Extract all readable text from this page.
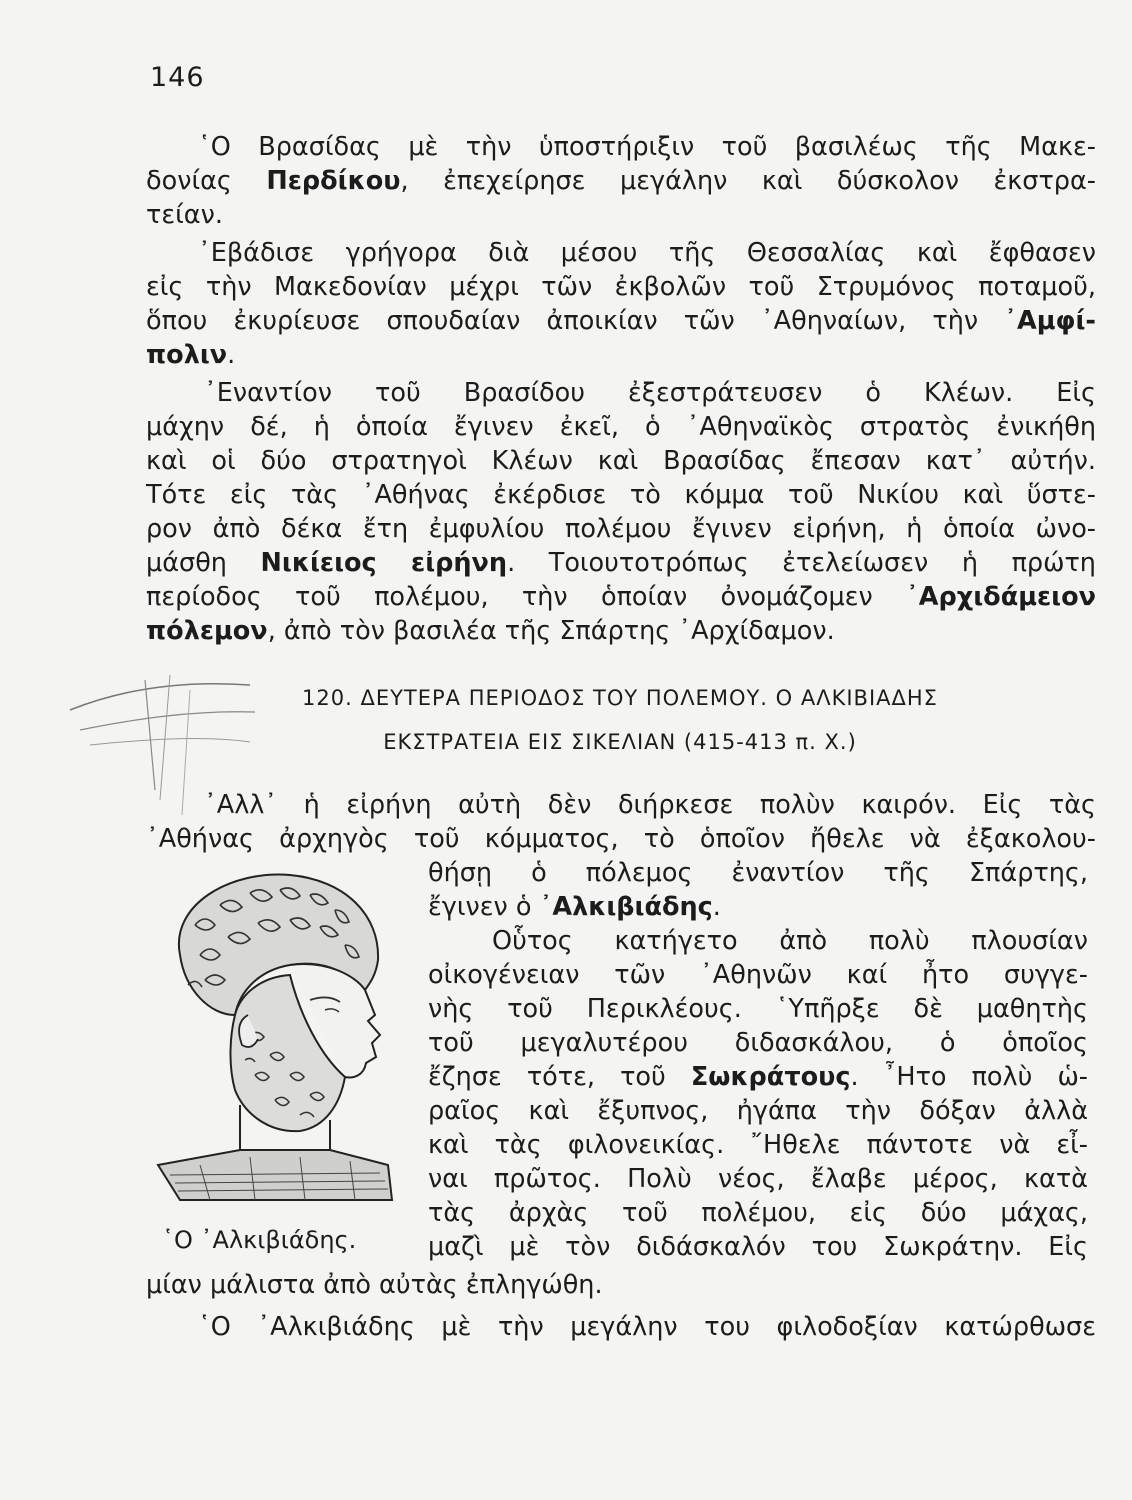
146
῾Ο Βρασίδας μὲ τὴν ὑποστήριξιν τοῦ βασιλέως τῆς Μακε-
δονίας Περδίκου, ἐπεχείρησε μεγάλην καὶ δύσκολον ἐκστρα-
τείαν.
᾿Εβάδισε γρήγορα διὰ μέσου τῆς Θεσσαλίας καὶ ἔφθασεν
εἰς τὴν Μακεδονίαν μέχρι τῶν ἐκβολῶν τοῦ Στρυμόνος ποταμοῦ,
ὅπου ἐκυρίευσε σπουδαίαν ἀποικίαν τῶν ᾿Αθηναίων, τὴν ᾿Αμφί-
πολιν.
᾿Εναντίον τοῦ Βρασίδου ἐξεστράτευσεν ὁ Κλέων. Εἰς
μάχην δέ, ἡ ὁποία ἔγινεν ἐκεῖ, ὁ ᾿Αθηναϊκὸς στρατὸς ἐνικήθη
καὶ οἱ δύο στρατηγοὶ Κλέων καὶ Βρασίδας ἔπεσαν κατ᾿ αὐτήν.
Τότε εἰς τὰς ᾿Αθήνας ἐκέρδισε τὸ κόμμα τοῦ Νικίου καὶ ὕστε-
ρον ἀπὸ δέκα ἔτη ἐμφυλίου πολέμου ἔγινεν εἰρήνη, ἡ ὁποία ὠνο-
μάσθη Νικίειος εἰρήνη. Τοιουτοτρόπως ἐτελείωσεν ἡ πρώτη
περίοδος τοῦ πολέμου, τὴν ὁποίαν ὀνομάζομεν ᾿Αρχιδάμειον
πόλεμον, ἀπὸ τὸν βασιλέα τῆς Σπάρτης ᾿Αρχίδαμον.
120. ΔΕΥΤΕΡΑ ΠΕΡΙΟΔΟΣ ΤΟΥ ΠΟΛΕΜΟΥ. Ο ΑΛΚΙΒΙΑΔΗΣ
ΕΚΣΤΡΑΤΕΙΑ ΕΙΣ ΣΙΚΕΛΙΑΝ (415-413 π. Χ.)
᾿Αλλ᾿ ἡ εἰρήνη αὐτὴ δὲν διήρκεσε πολὺν καιρόν. Εἰς τὰς
᾿Αθήνας ἀρχηγὸς τοῦ κόμματος, τὸ ὁποῖον ἤθελε νὰ ἐξακολου-
῾Ο ᾿Αλκιβιάδης.
θήσῃ ὁ πόλεμος ἐναντίον τῆς Σπάρτης,
ἔγινεν ὁ ᾿Αλκιβιάδης.
Οὗτος κατήγετο ἀπὸ πολὺ πλουσίαν
οἰκογένειαν τῶν ᾿Αθηνῶν καί ἦτο συγγε-
νὴς τοῦ Περικλέους. ῾Υπῆρξε δὲ μαθητὴς
τοῦ μεγαλυτέρου διδασκάλου, ὁ ὁποῖος
ἔζησε τότε, τοῦ Σωκράτους. ῏Ητο πολὺ ὡ-
ραῖος καὶ ἔξυπνος, ἠγάπα τὴν δόξαν ἀλλὰ
καὶ τὰς φιλονεικίας. ῎Ηθελε πάντοτε νὰ εἶ-
ναι πρῶτος. Πολὺ νέος, ἔλαβε μέρος, κατὰ
τὰς ἀρχὰς τοῦ πολέμου, εἰς δύο μάχας,
μαζὶ μὲ τὸν διδάσκαλόν του Σωκράτην. Εἰς
μίαν μάλιστα ἀπὸ αὐτὰς ἐπληγώθη.
῾Ο ᾿Αλκιβιάδης μὲ τὴν μεγάλην του φιλοδοξίαν κατώρθωσε
